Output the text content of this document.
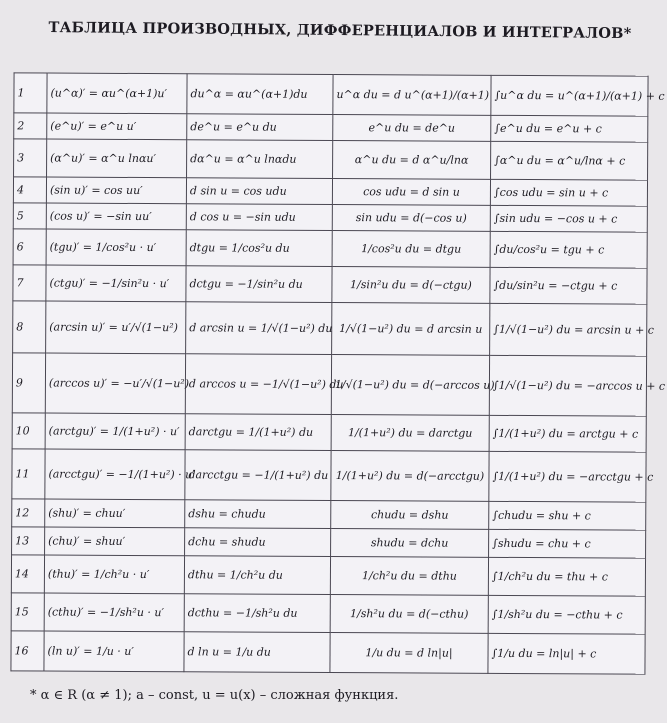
ТАБЛИЦА ПРОИЗВОДНЫХ, ДИФФЕРЕНЦИАЛОВ И ИНТЕГРАЛОВ*
1	(u^α)′ = αu^(α+1)u′	du^α = αu^(α+1)du	u^α du = d u^(α+1)/(α+1)	∫u^α du = u^(α+1)/(α+1) + c
2	(e^u)′ = e^u u′	de^u = e^u du	e^u du = de^u	∫e^u du = e^u + c
3	(α^u)′ = α^u lnαu′	dα^u = α^u lnαdu	α^u du = d α^u/lnα	∫α^u du = α^u/lnα + c
4	(sin u)′ = cos uu′	d sin u = cos udu	cos udu = d sin u	∫cos udu = sin u + c
5	(cos u)′ = −sin uu′	d cos u = −sin udu	sin udu = d(−cos u)	∫sin udu = −cos u + c
6	(tgu)′ = 1/cos²u · u′	dtgu = 1/cos²u du	1/cos²u du = dtgu	∫du/cos²u = tgu + c
7	(ctgu)′ = −1/sin²u · u′	dctgu = −1/sin²u du	1/sin²u du = d(−ctgu)	∫du/sin²u = −ctgu + c
8	(arcsin u)′ = u′/√(1−u²)	d arcsin u = 1/√(1−u²) du	1/√(1−u²) du = d arcsin u	∫1/√(1−u²) du = arcsin u + c
9	(arccos u)′ = −u′/√(1−u²)	d arccos u = −1/√(1−u²) du	1/√(1−u²) du = d(−arccos u)	∫1/√(1−u²) du = −arccos u + c
10	(arctgu)′ = 1/(1+u²) · u′	darctgu = 1/(1+u²) du	1/(1+u²) du = darctgu	∫1/(1+u²) du = arctgu + c
11	(arcctgu)′ = −1/(1+u²) · u′	darcctgu = −1/(1+u²) du	1/(1+u²) du = d(−arcctgu)	∫1/(1+u²) du = −arcctgu + c
12	(shu)′ = chuu′	dshu = chudu	chudu = dshu	∫chudu = shu + c
13	(chu)′ = shuu′	dchu = shudu	shudu = dchu	∫shudu = chu + c
14	(thu)′ = 1/ch²u · u′	dthu = 1/ch²u du	1/ch²u du = dthu	∫1/ch²u du = thu + c
15	(cthu)′ = −1/sh²u · u′	dcthu = −1/sh²u du	1/sh²u du = d(−cthu)	∫1/sh²u du = −cthu + c
16	(ln u)′ = 1/u · u′	d ln u = 1/u du	1/u du = d ln|u|	∫1/u du = ln|u| + c
* α ∈ R (α ≠ 1); a – const, u = u(x) – сложная функция.
